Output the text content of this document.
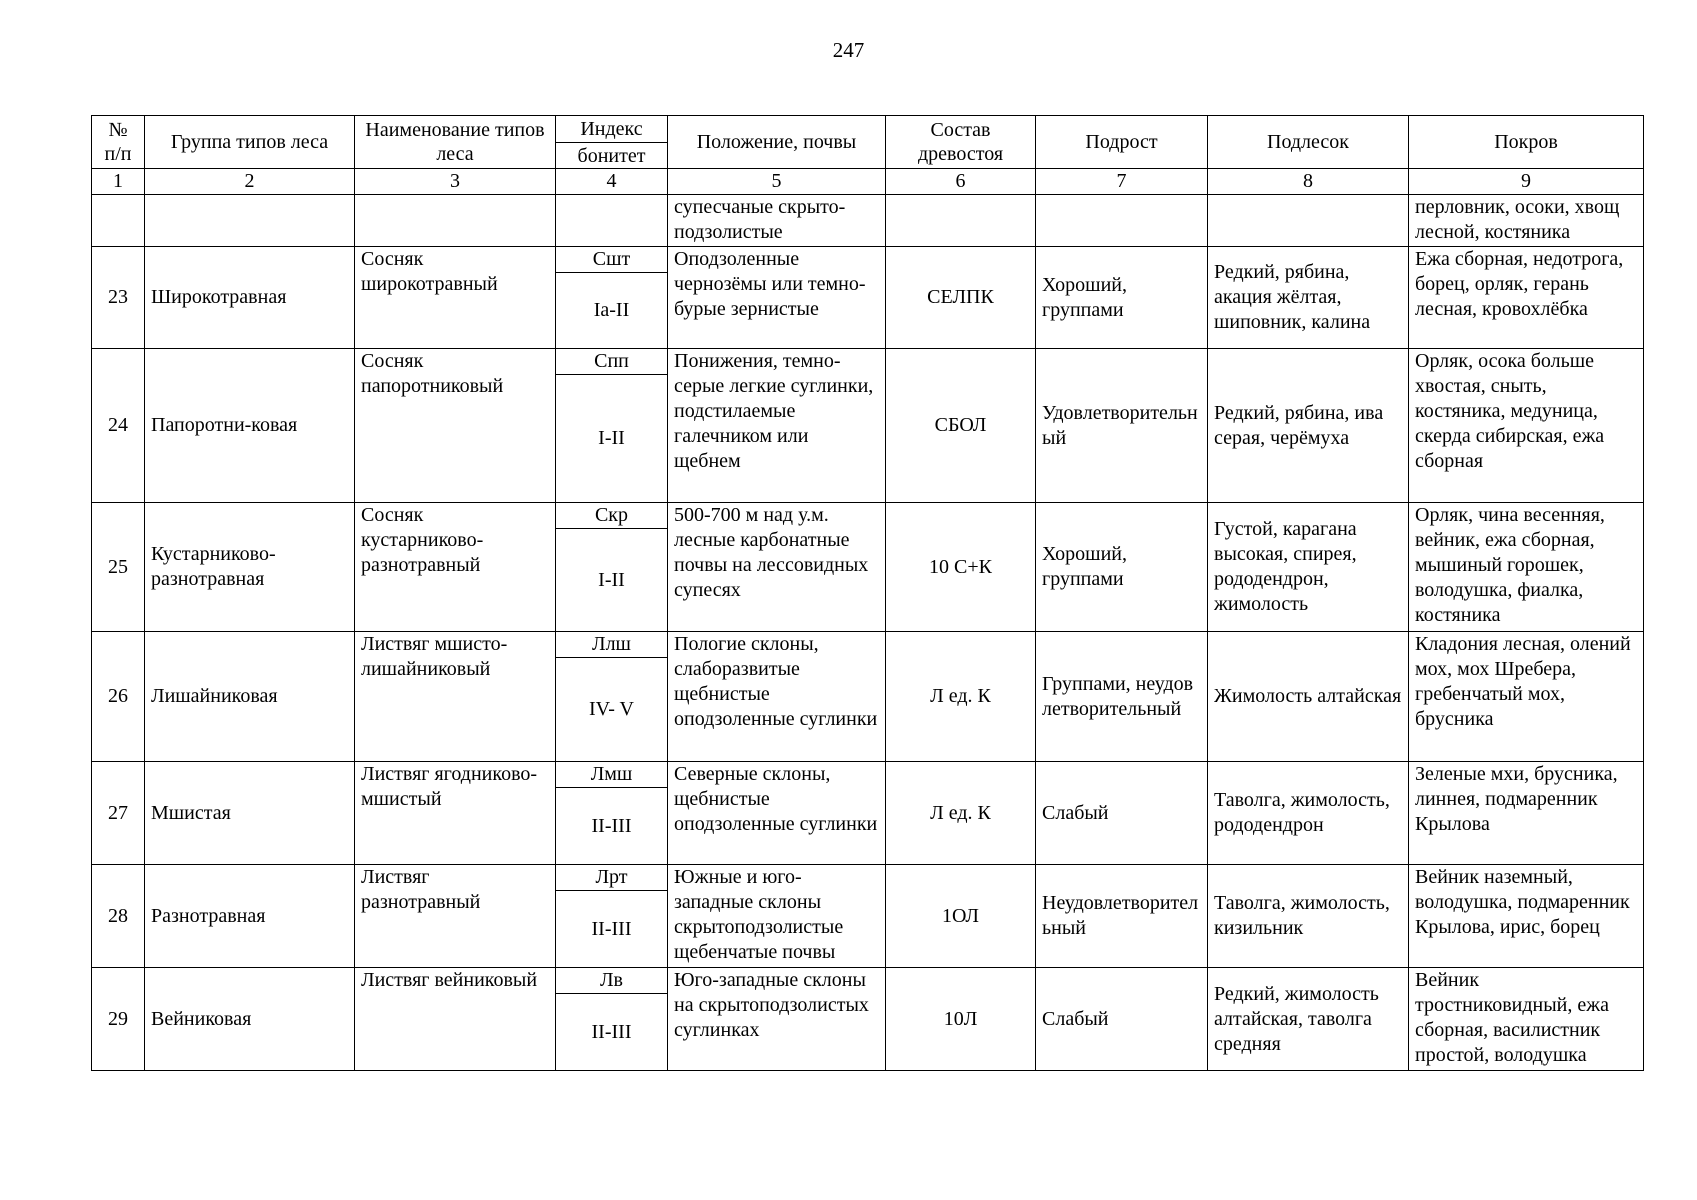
247
№ п/п	Группа типов леса	Наименование типов леса	Индекс	Положение, почвы	Состав древостоя	Подрост	Подлесок	Покров
			бонитет					
1	2	3	4	5	6	7	8	9
				супесчаные скрыто-подзолистые				перловник, осоки, хвощ лесной, костяника
23	Широкотравная	Сосняк широкотравный	Сшт	Оподзоленные чернозёмы или темно-бурые зернистые	СЕЛПК	Хороший, группами	Редкий, рябина, акация жёлтая, шиповник, калина	Ежа сборная, недотрога, борец, орляк, герань лесная, кровохлёбка
			Ia-II					
24	Папоротни-ковая	Сосняк папоротниковый	Спп	Понижения, темно-серые легкие суглинки, подстилаемые галечником или щебнем	СБОЛ	Удовлетворительный	Редкий, рябина, ива серая, черёмуха	Орляк, осока больше хвостая, сныть, костяника, медуница, скерда сибирская, ежа сборная
			I-II					
25	Кустарниково-разнотравная	Сосняк кустарниково-разнотравный	Скр	500-700 м над у.м. лесные карбонатные почвы на лессовидных супесях	10 С+К	Хороший, группами	Густой, карагана высокая, спирея, рододендрон, жимолость	Орляк, чина весенняя, вейник, ежа сборная, мышиный горошек, володушка, фиалка, костяника
			I-II					
26	Лишайниковая	Листвяг мшисто-лишайниковый	Ллш	Пологие склоны, слаборазвитые щебнистые оподзоленные суглинки	Л ед. К	Группами, неудовлетворительный	Жимолость алтайская	Кладония лесная, олений мох, мох Шребера, гребенчатый мох, брусника
			IV- V					
27	Мшистая	Листвяг ягодниково-мшистый	Лмш	Северные склоны, щебнистые оподзоленные суглинки	Л ед. К	Слабый	Таволга, жимолость, рододендрон	Зеленые мхи, брусника, линнея, подмаренник Крылова
			II-III					
28	Разнотравная	Листвяг разнотравный	Лрт	Южные и юго-западные склоны скрытоподзолистые щебенчатые почвы	1ОЛ	Неудовлетворительный	Таволга, жимолость, кизильник	Вейник наземный, володушка, подмаренник Крылова, ирис, борец
			II-III					
29	Вейниковая	Листвяг вейниковый	Лв	Юго-западные склоны на скрытоподзолистых суглинках	10Л	Слабый	Редкий, жимолость алтайская, таволга средняя	Вейник тростниковидный, ежа сборная, василистник простой, володушка
			II-III					
